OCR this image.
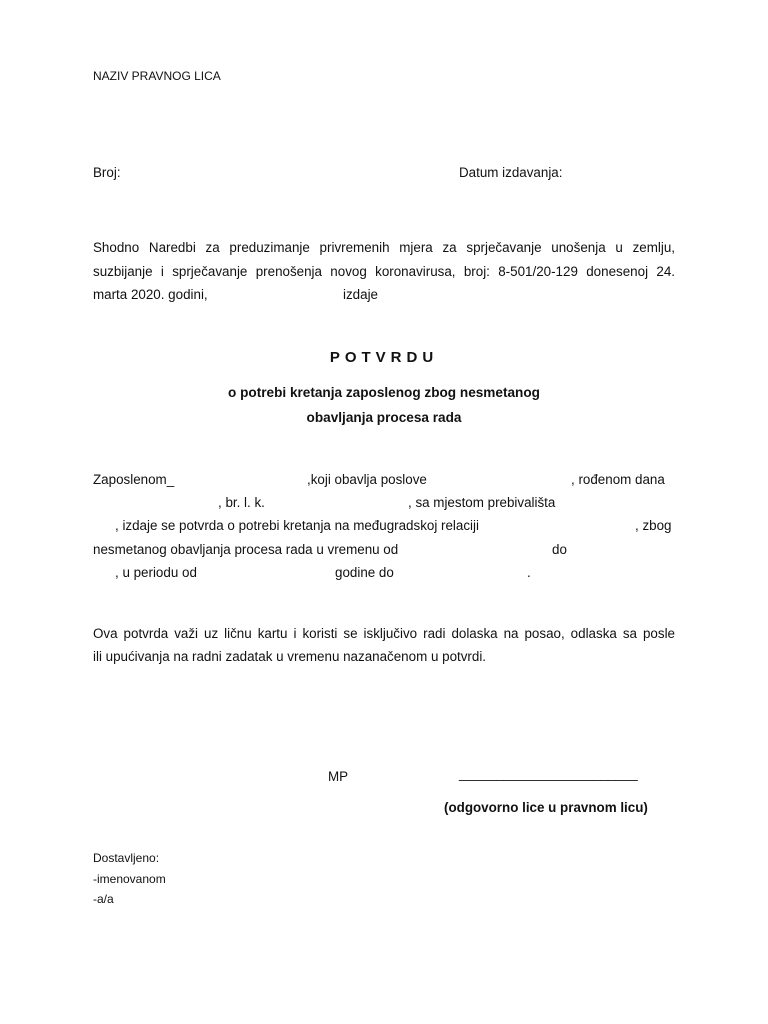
NAZIV PRAVNOG LICA
Broj:	Datum izdavanja:
Shodno Naredbi za preduzimanje privremenih mjera za sprječavanje unošenja u zemlju,
suzbijanje i sprječavanje prenošenja novog koronavirusa, broj: 8-501/20-129 donesenoj 24.
marta 2020. godini,	izdaje
POTVRDU
o potrebi kretanja zaposlenog zbog nesmetanog
obavljanja procesa rada
Zaposlenom_	,koji obavlja poslove	, rođenom dana
, br. l. k.	, sa mjestom prebivališta
, izdaje se potvrda o potrebi kretanja na međugradskoj relaciji	, zbog
nesmetanog obavljanja procesa rada u vremenu od	do
, u periodu od	godine do	.
Ova potvrda važi uz ličnu kartu i koristi se isključivo radi dolaska na posao, odlaska sa posle
ili upućivanja na radni zadatak u vremenu nazanačenom u potvrdi.
MP	________________________
(odgovorno lice u pravnom licu)
Dostavljeno:
-imenovanom
-a/a
